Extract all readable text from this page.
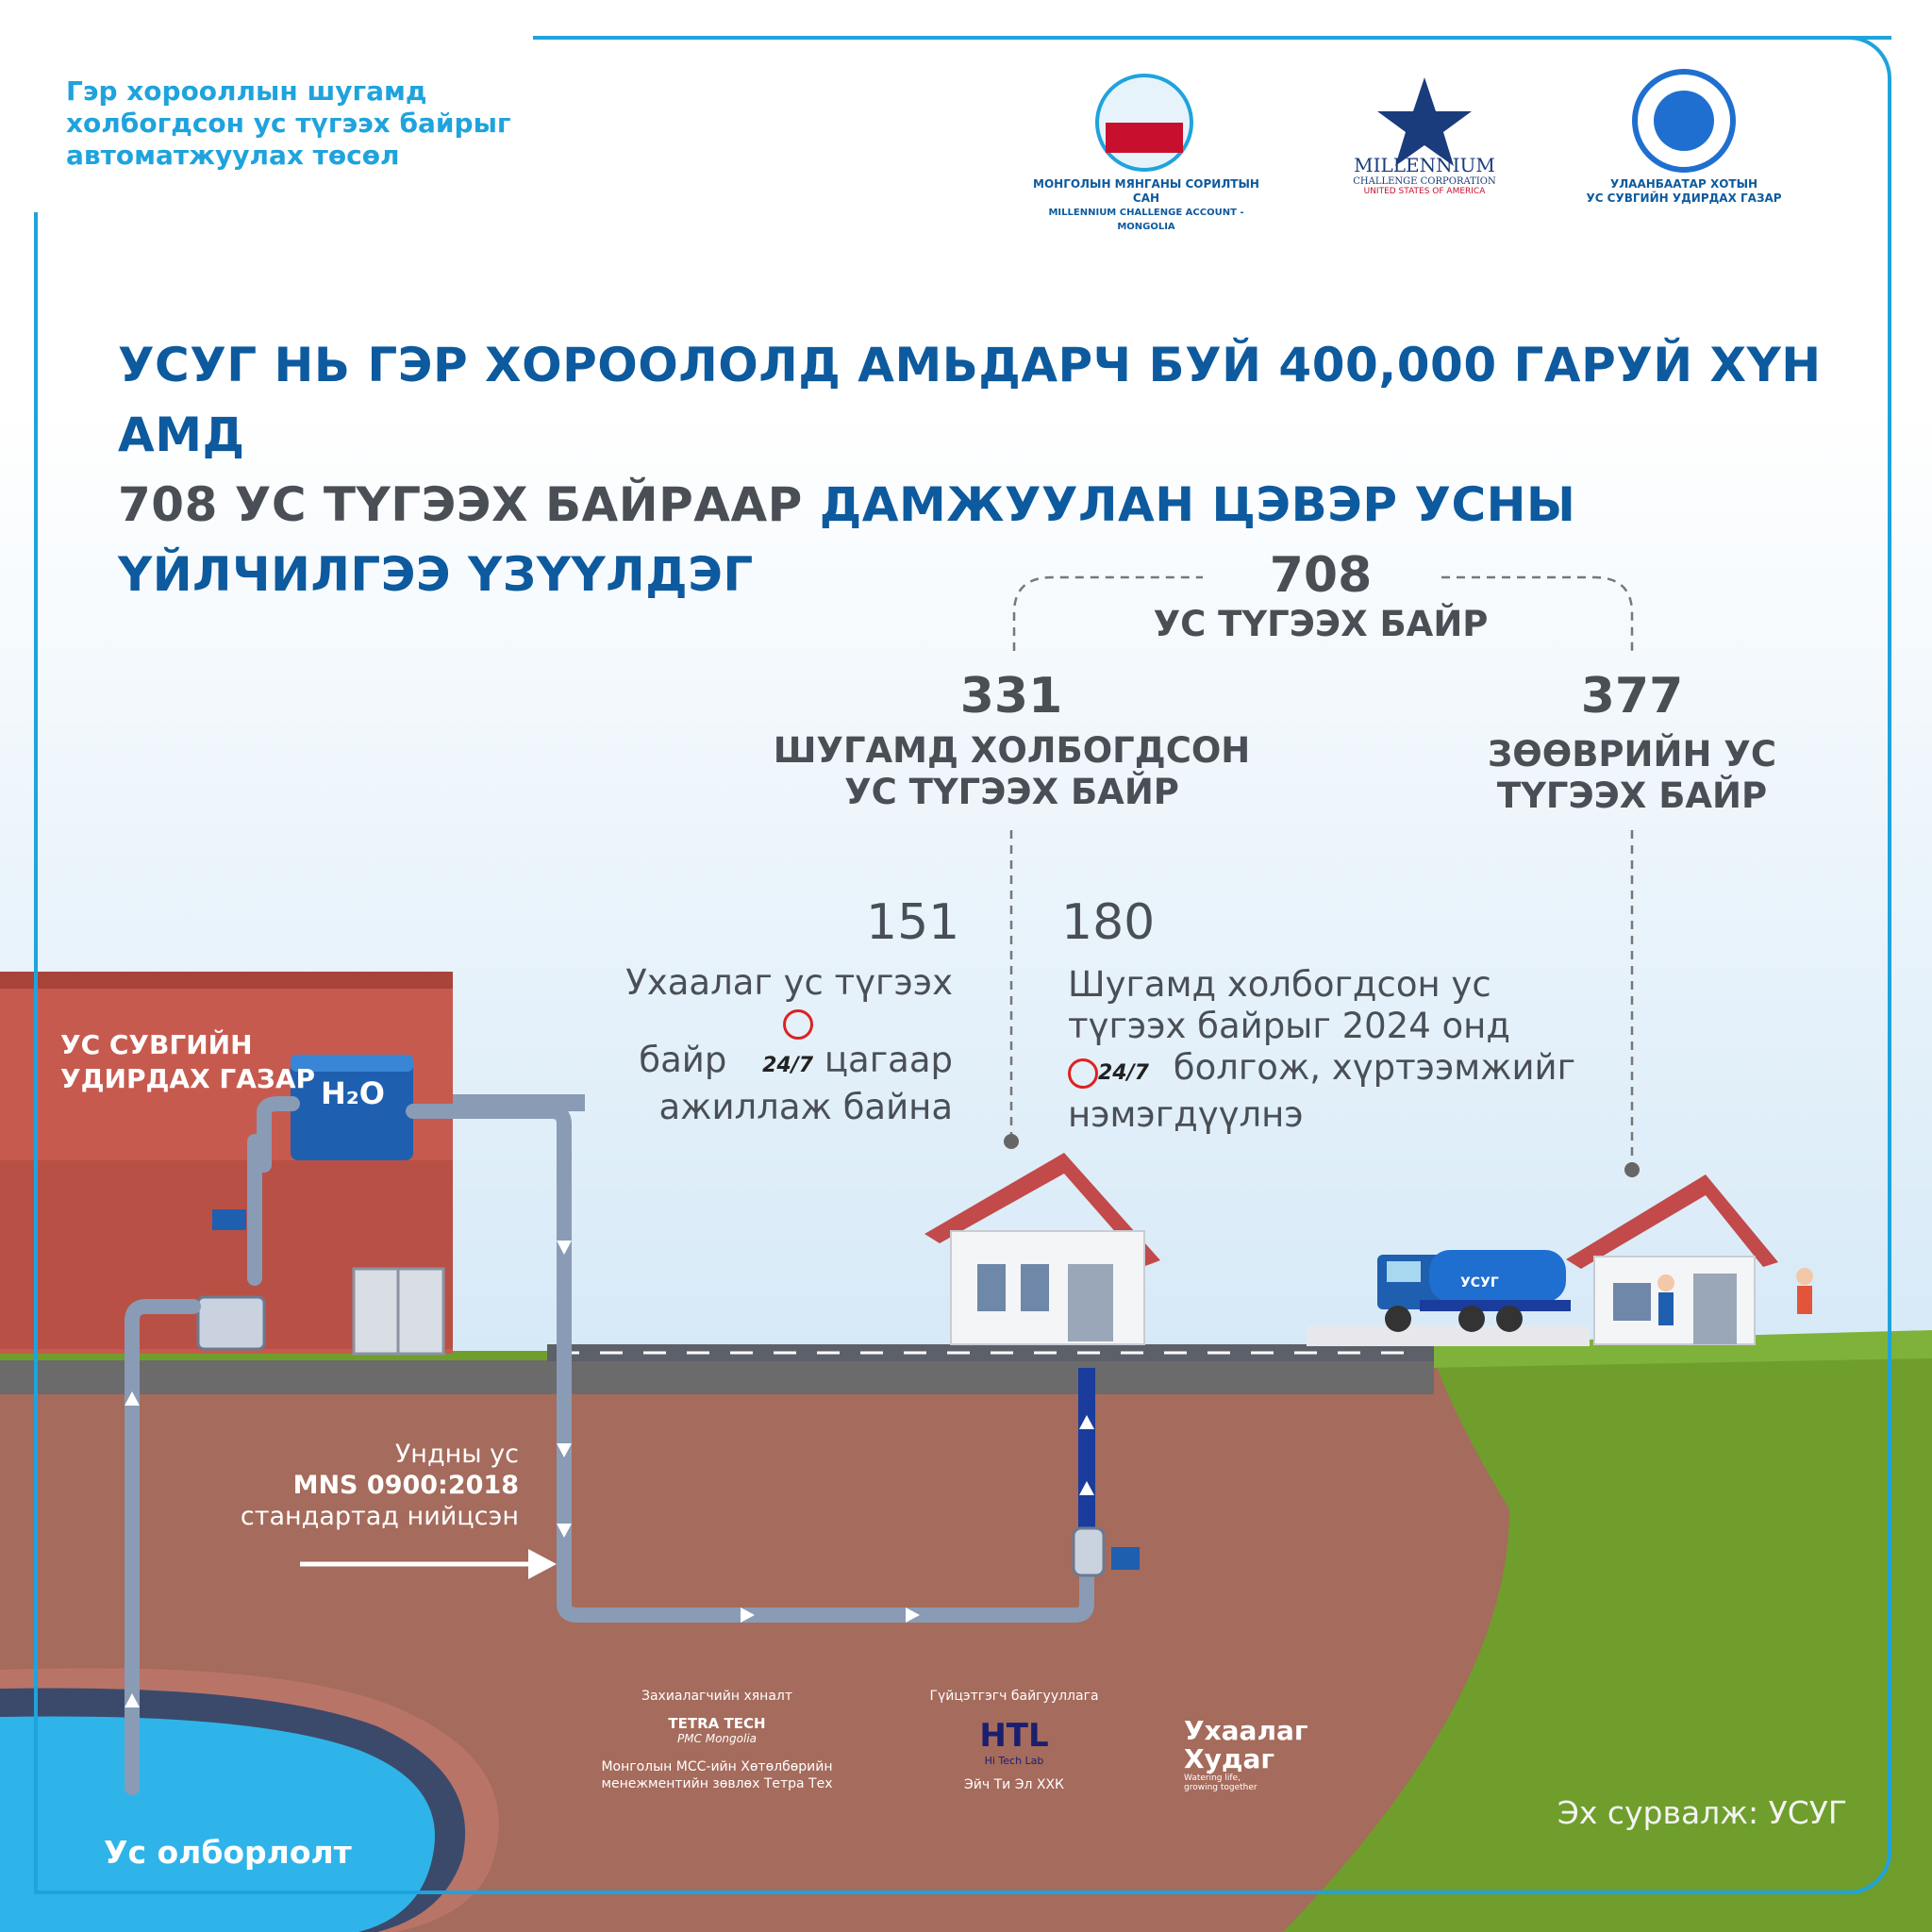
Гэр хорооллын шугамд холбогдсон ус түгээх байрыг автоматжуулах төсөл
МОНГОЛЫН МЯНГАНЫ СОРИЛТЫН САН
MILLENNIUM CHALLENGE ACCOUNT - MONGOLIA
MILLENNIUM
CHALLENGE CORPORATION
UNITED STATES OF AMERICA
УЛААНБААТАР ХОТЫН
УС СУВГИЙН УДИРДАХ ГАЗАР
УСУГ НЬ ГЭР ХОРООЛОЛД АМЬДАРЧ БУЙ 400,000 ГАРУЙ ХҮН АМД
708 УС ТҮГЭЭХ БАЙРААР ДАМЖУУЛАН ЦЭВЭР УСНЫ ҮЙЛЧИЛГЭЭ ҮЗҮҮЛДЭГ	708
УС ТҮГЭЭХ БАЙР
331
ШУГАМД ХОЛБОГДСОН
УС ТҮГЭЭХ БАЙР
377
ЗӨӨВРИЙН УС
ТҮГЭЭХ БАЙР
151
Ухаалаг ус түгээх
байр 24/7 цагаар
ажиллаж байна
180
Шугамд холбогдсон ус
түгээх байрыг 2024 онд
24/7 болгож, хүртээмжийг
нэмэгдүүлнэ
УС СУВГИЙН
УДИРДАХ ГАЗАР H₂O
УСУГ
Ундны ус
MNS 0900:2018
стандартад нийцсэн
Ус олборлолт
Захиалагчийн хяналт
TETRA TECH
PMC Mongolia
Монголын МСС-ийн Хөтөлбөрийн
менежментийн зөвлөх Тетра Тех
Гүйцэтгэгч байгууллага
HTL
Hi Tech Lab
Эйч Ти Эл ХХК
Ухаалаг
Худаг
Watering life,
growing together
Эх сурвалж: УСУГ
